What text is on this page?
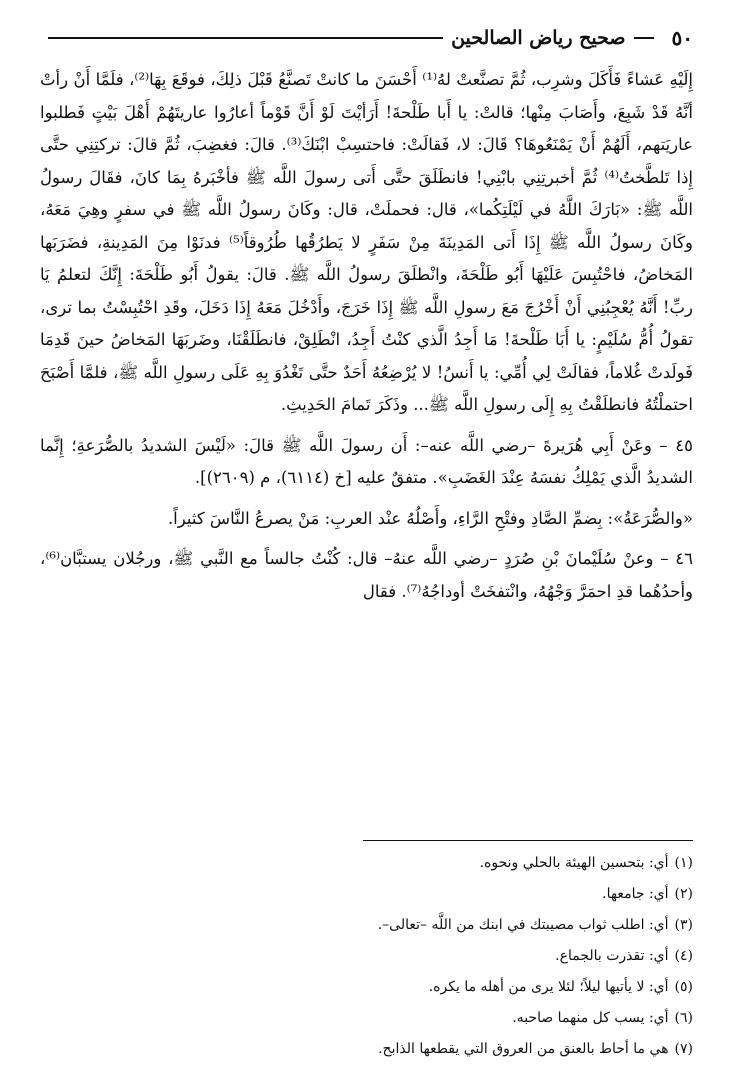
٥٠
صحيح رياض الصالحين

إِلَيْهِ عَشاءً فَأَكَلَ وشرِب، ثُمَّ تصنَّعتْ لهُ⁽¹⁾ أَحْسَنَ ما كانتْ تَصنَّعُ قَبْلَ ذلِكَ، فوقَعَ بِهَا⁽²⁾، فلَمَّا أَنْ رأتْ أنَّهُ قَدْ شَبِعَ، وأَصَابَ مِنْها؛ قالتْ: يا أَبا طَلْحةَ! أَرَأيْتَ لَوْ أَنَّ قَوْماً أعارُوا عاريتَهُمْ أَهْلَ بَيْتٍ فَطلبوا عاريَتهم، أَلَهُمْ أَنْ يَمْنَعُوهَا؟ قَالَ: لا، فَقالَتْ: فاحتسِبْ ابْنَكَ⁽³⁾. قالَ: فغضِبَ، ثُمَّ قالَ: تركتِنِي حتَّى إِذا تَلطَّختُ⁽⁴⁾ ثُمَّ أخبرتِنِي بابْنِي! فانطَلَقَ حتَّى أَتى رسولَ اللَّه ﷺ فأخْبَرهُ بِمَا كانَ، فقَالَ رسولُ اللَّه ﷺ: «بَارَكَ اللَّهُ في لَيْلَتِكُما»، قال: فحملَتْ، قال: وكَانَ رسولُ اللَّه ﷺ في سفرٍ وهِيَ مَعَهُ، وكَانَ رسولُ اللَّه ﷺ إِذَا أَتى المَدِينَةَ مِنْ سَفَرٍ لا يَطرُقُها طُرُوقاً⁽⁵⁾ فدنَوْا مِنَ المَدِينةِ، فضَرَبَها المَخاضُ، فاحْتُبِسَ عَلَيْهَا أَبُو طَلْحَةَ، وانْطلَقَ رسولُ اللَّه ﷺ. قالَ: يقولُ أَبُو طَلْحَةَ: إِنَّكَ لتعلمُ يَا ربِّ! أَنَّهُ يُعْجِبُنِي أَنْ أَخْرُجَ مَعَ رسولِ اللَّه ﷺ إِذَا خَرَجَ، وأَدْخُلَ مَعَهُ إِذَا دَخَلَ، وقَدِ احْتُبِسْتُ بما ترى، تقولُ أُمُّ سُلَيْمٍ: يا أَبَا طَلْحةَ! مَا أَجِدُ الَّذي كنْتُ أَجِدُ، انْطَلِقْ، فانطَلَقْنَا، وضَربَهَا المَخاضُ حينَ قَدِمَا فَولَدتْ غُلاماً، فقالَتْ لِي أُمِّي: يا أَنسُ! لا يُرْضِعُهُ أَحَدٌ حتَّى تَغْدُوَ بِهِ عَلَى رسولِ اللَّه ﷺ، فلمَّا أَصْبَحَ احتملْتُهُ فانطلَقْتُ بِهِ إِلَى رسولِ اللَّه ﷺ... وذَكَرَ تَمامَ الحَدِيثِ.

٤٥ – وعَنْ أَبِي هُرَيرةَ –رضي اللَّه عنه–: أَن رسولَ اللَّه ﷺ قالَ: «لَيْسَ الشديدُ بالصُّرَعةِ؛ إِنَّما الشديدُ الَّذي يَمْلِكُ نفسَهُ عِنْدَ الغَضَبِ». متفقٌ عليه [خ (٦١١٤)، م (٢٦٠٩)].

«والصُّرَعَةُ»: بِضمِّ الصَّادِ وفتْحِ الرَّاءِ، وأَصْلُهُ عنْد العربِ: مَنْ يصرعُ النَّاسَ كثيراً.

٤٦ – وعنْ سُلَيْمانَ بْنِ صُرَدٍ –رضي اللَّه عنهُ– قال: كُنْتُ جالساً مع النَّبي ﷺ، ورجُلان يستبَّان⁽⁶⁾، وأحدُهُما قدِ احمَرَّ وَجْهُهُ، وانْتفخَتْ أوداجُهُ⁽⁷⁾. فقال

(١)أي: بتحسين الهيئة بالحلي ونحوه.
(٢)أي: جامعها.
(٣)أي: اطلب ثواب مصيبتك في ابنك من اللَّه –تعالى–.
(٤)أي: تقذرت بالجماع.
(٥)أي: لا يأتيها ليلاً؛ لئلا يرى من أهله ما يكره.
(٦)أي: يسب كل منهما صاحبه.
(٧)هي ما أحاط بالعنق من العروق التي يقطعها الذابح.
